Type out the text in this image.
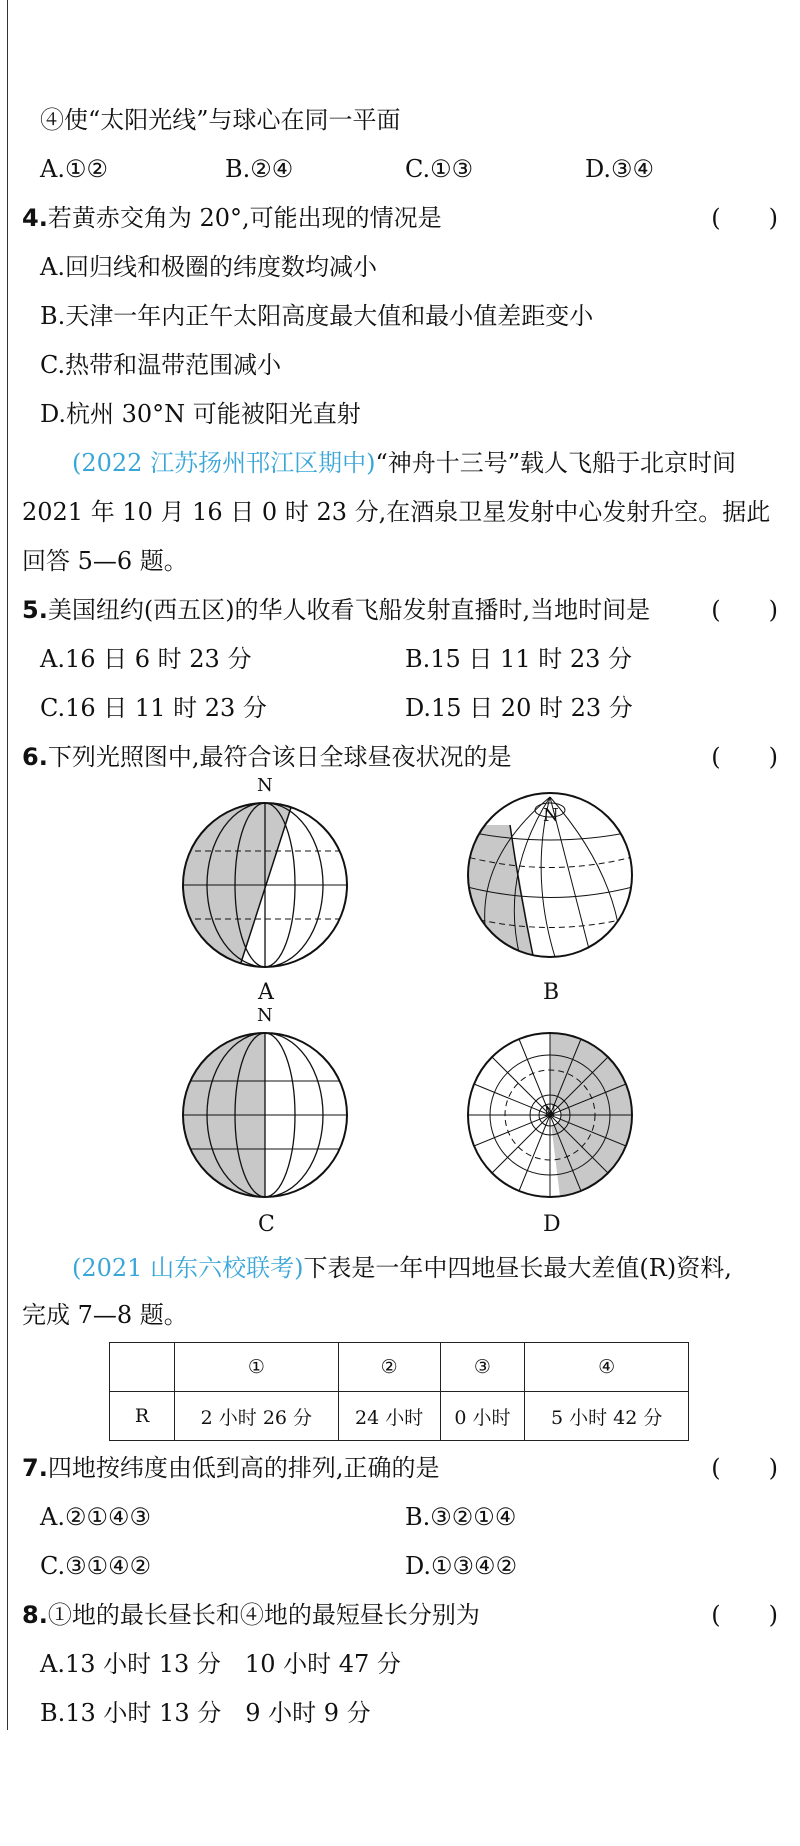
④使“太阳光线”与球心在同一平面
A.①②	B.②④	C.①③	D.③④
4.若黄赤交角为 20°,可能出现的情况是	(　　)
A.回归线和极圈的纬度数均减小
B.天津一年内正午太阳高度最大值和最小值差距变小
C.热带和温带范围减小
D.杭州 30°N 可能被阳光直射
(2022 江苏扬州邗江区期中)“神舟十三号”载人飞船于北京时间
2021 年 10 月 16 日 0 时 23 分,在酒泉卫星发射中心发射升空。据此
回答 5—6 题。
5.美国纽约(西五区)的华人收看飞船发射直播时,当地时间是	(　　)
A.16 日 6 时 23 分	B.15 日 11 时 23 分
C.16 日 11 时 23 分	D.15 日 20 时 23 分
6.下列光照图中,最符合该日全球昼夜状况的是	(　　)
N
A
N
B
N
C
N
D
(2021 山东六校联考)下表是一年中四地昼长最大差值(R)资料,
完成 7—8 题。
	①	②	③	④
R	2 小时 26 分	24 小时	0 小时	5 小时 42 分
7.四地按纬度由低到高的排列,正确的是	(　　)
A.②①④③	B.③②①④
C.③①④②	D.①③④②
8.①地的最长昼长和④地的最短昼长分别为	(　　)
A.13 小时 13 分　10 小时 47 分
B.13 小时 13 分　9 小时 9 分
